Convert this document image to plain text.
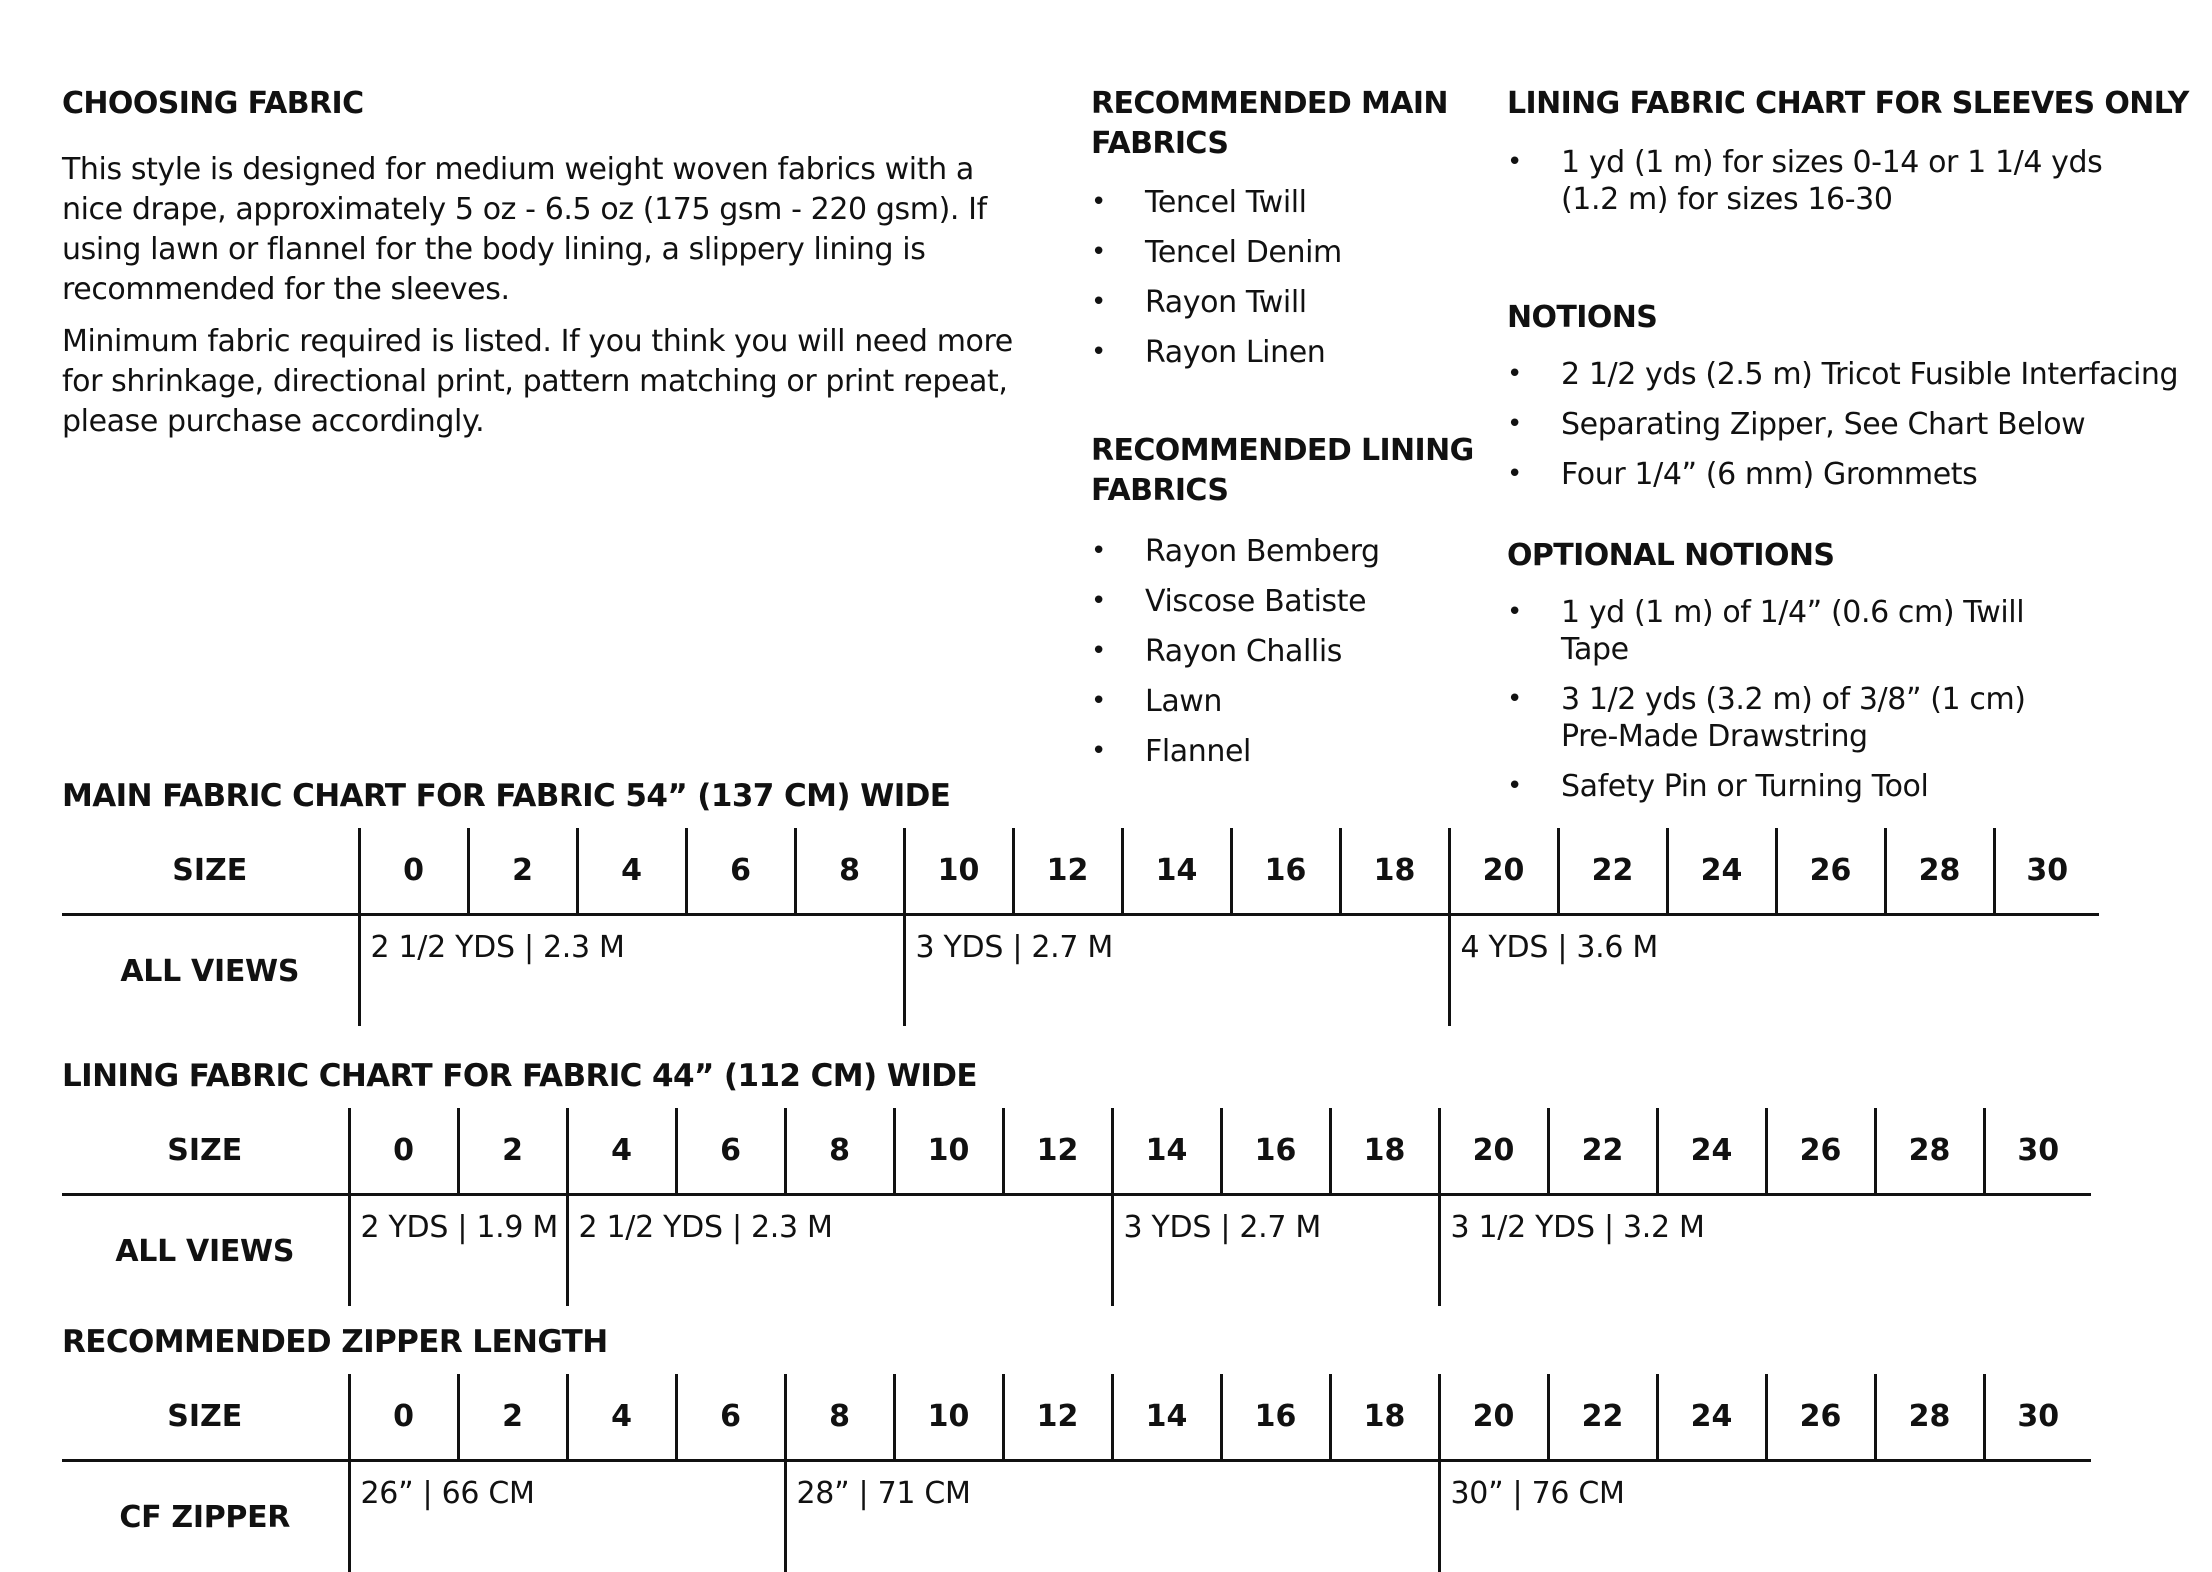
CHOOSING FABRIC

This style is designed for medium weight woven fabrics with a nice drape, approximately 5 oz - 6.5 oz (175 gsm - 220 gsm). If using lawn or flannel for the body lining, a slippery lining is recommended for the sleeves.

Minimum fabric required is listed. If you think you will need more for shrinkage, directional print, pattern matching or print repeat, please purchase accordingly.

RECOMMENDED MAIN FABRICS
• Tencel Twill
• Tencel Denim
• Rayon Twill
• Rayon Linen
RECOMMENDED LINING FABRICS
• Rayon Bemberg
• Viscose Batiste
• Rayon Challis
• Lawn
• Flannel
LINING FABRIC CHART FOR SLEEVES ONLY
• 1 yd (1 m) for sizes 0-14 or 1 1/4 yds (1.2 m) for sizes 16-30
NOTIONS
• 2 1/2 yds (2.5 m) Tricot Fusible Interfacing
• Separating Zipper, See Chart Below
• Four 1/4” (6 mm) Grommets
OPTIONAL NOTIONS
• 1 yd (1 m) of 1/4” (0.6 cm) Twill Tape
• 3 1/2 yds (3.2 m) of 3/8” (1 cm) Pre-Made Drawstring
• Safety Pin or Turning Tool
MAIN FABRIC CHART FOR FABRIC 54” (137 CM) WIDE
SIZE	0	2	4	6	8	10	12	14	16	18	20	22	24	26	28	30
ALL VIEWS	2 1/2 YDS | 2.3 M					3 YDS | 2.7 M					4 YDS | 3.6 M					
LINING FABRIC CHART FOR FABRIC 44” (112 CM) WIDE
SIZE	0	2	4	6	8	10	12	14	16	18	20	22	24	26	28	30
ALL VIEWS	2 YDS | 1.9 M		2 1/2 YDS | 2.3 M					3 YDS | 2.7 M			3 1/2 YDS | 3.2 M					
RECOMMENDED ZIPPER LENGTH
SIZE	0	2	4	6	8	10	12	14	16	18	20	22	24	26	28	30
CF ZIPPER	26” | 66 CM				28” | 71 CM						30” | 76 CM					
